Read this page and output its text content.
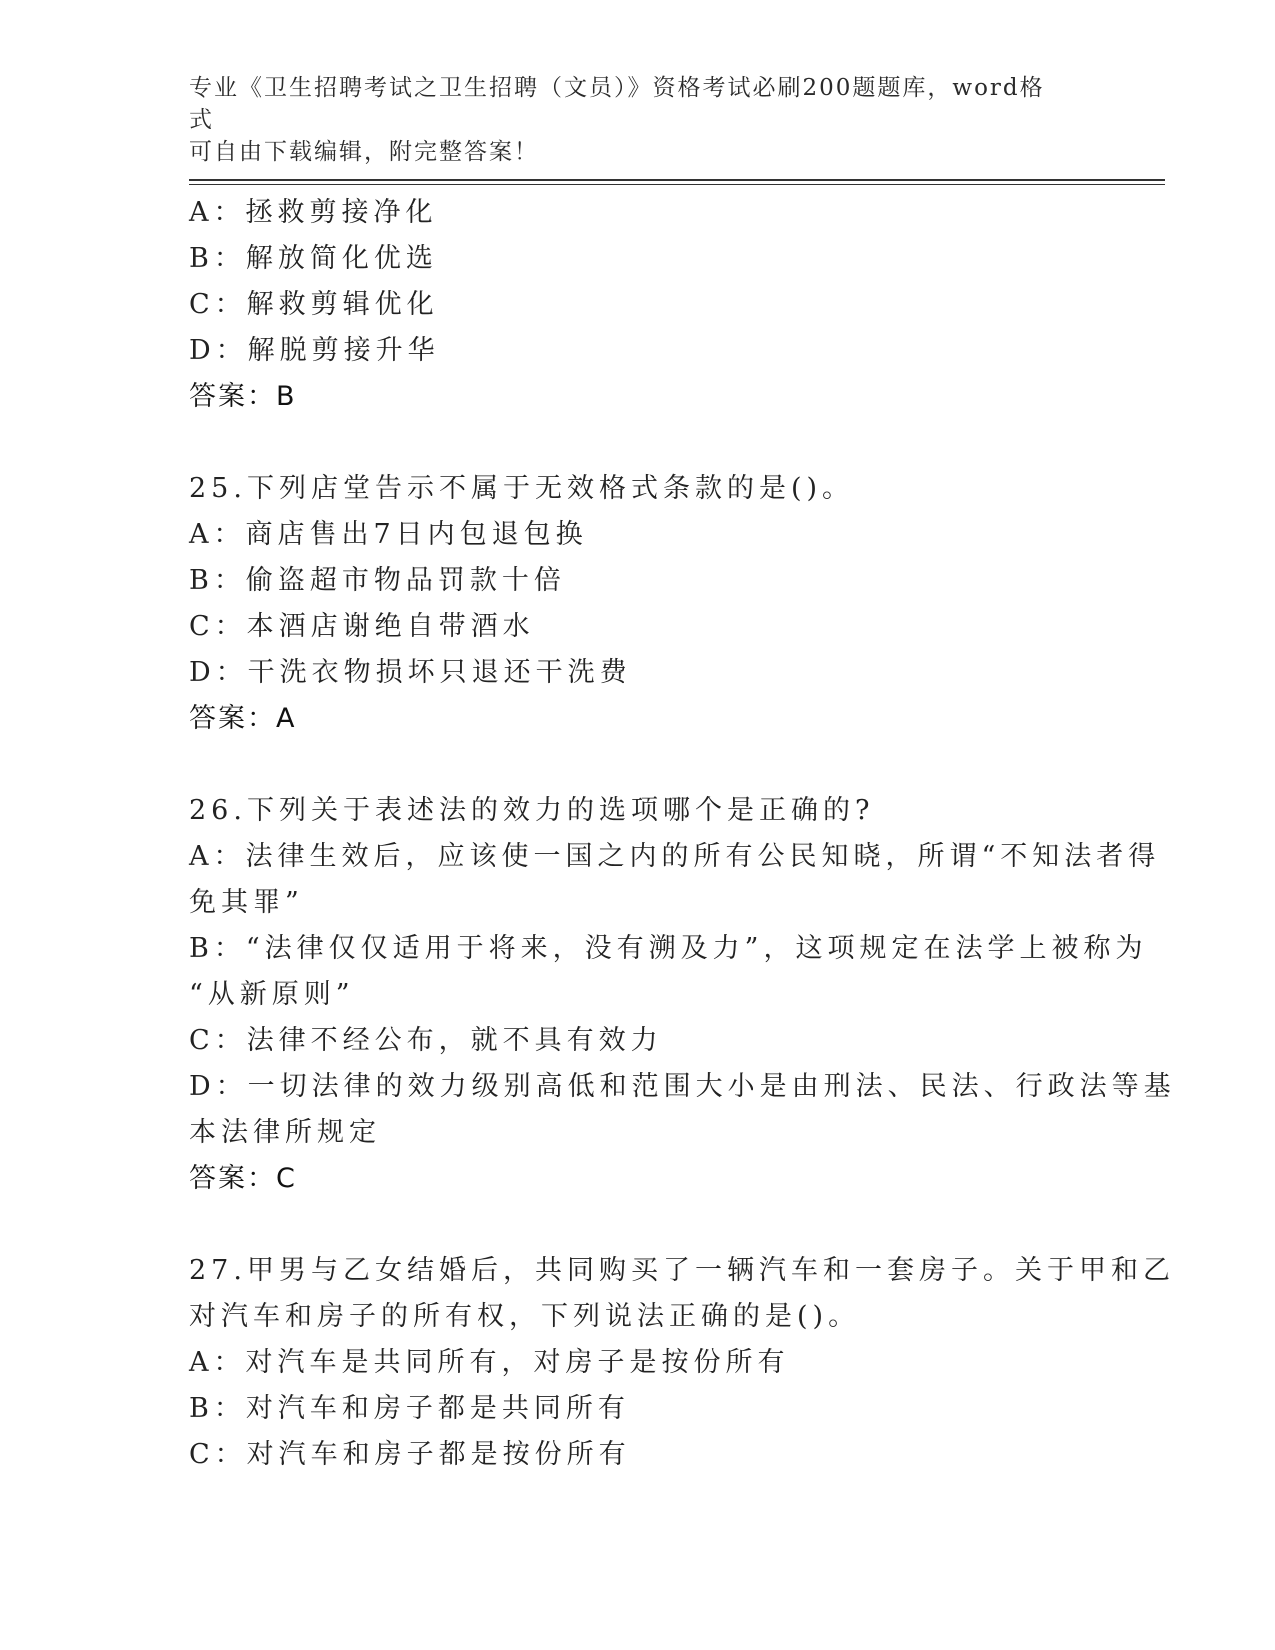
专业《卫生招聘考试之卫生招聘（文员）》资格考试必刷200题题库，word格式
可自由下载编辑，附完整答案！
A：拯救剪接净化
B：解放简化优选
C：解救剪辑优化
D：解脱剪接升华
答案：B
25.下列店堂告示不属于无效格式条款的是()。
A：商店售出7日内包退包换
B：偷盗超市物品罚款十倍
C：本酒店谢绝自带酒水
D：干洗衣物损坏只退还干洗费
答案：A
26.下列关于表述法的效力的选项哪个是正确的?
A：法律生效后，应该使一国之内的所有公民知晓，所谓“不知法者得
免其罪”
B：“法律仅仅适用于将来，没有溯及力”，这项规定在法学上被称为
“从新原则”
C：法律不经公布，就不具有效力
D：一切法律的效力级别高低和范围大小是由刑法、民法、行政法等基
本法律所规定
答案：C
27.甲男与乙女结婚后，共同购买了一辆汽车和一套房子。关于甲和乙
对汽车和房子的所有权，下列说法正确的是()。
A：对汽车是共同所有，对房子是按份所有
B：对汽车和房子都是共同所有
C：对汽车和房子都是按份所有
